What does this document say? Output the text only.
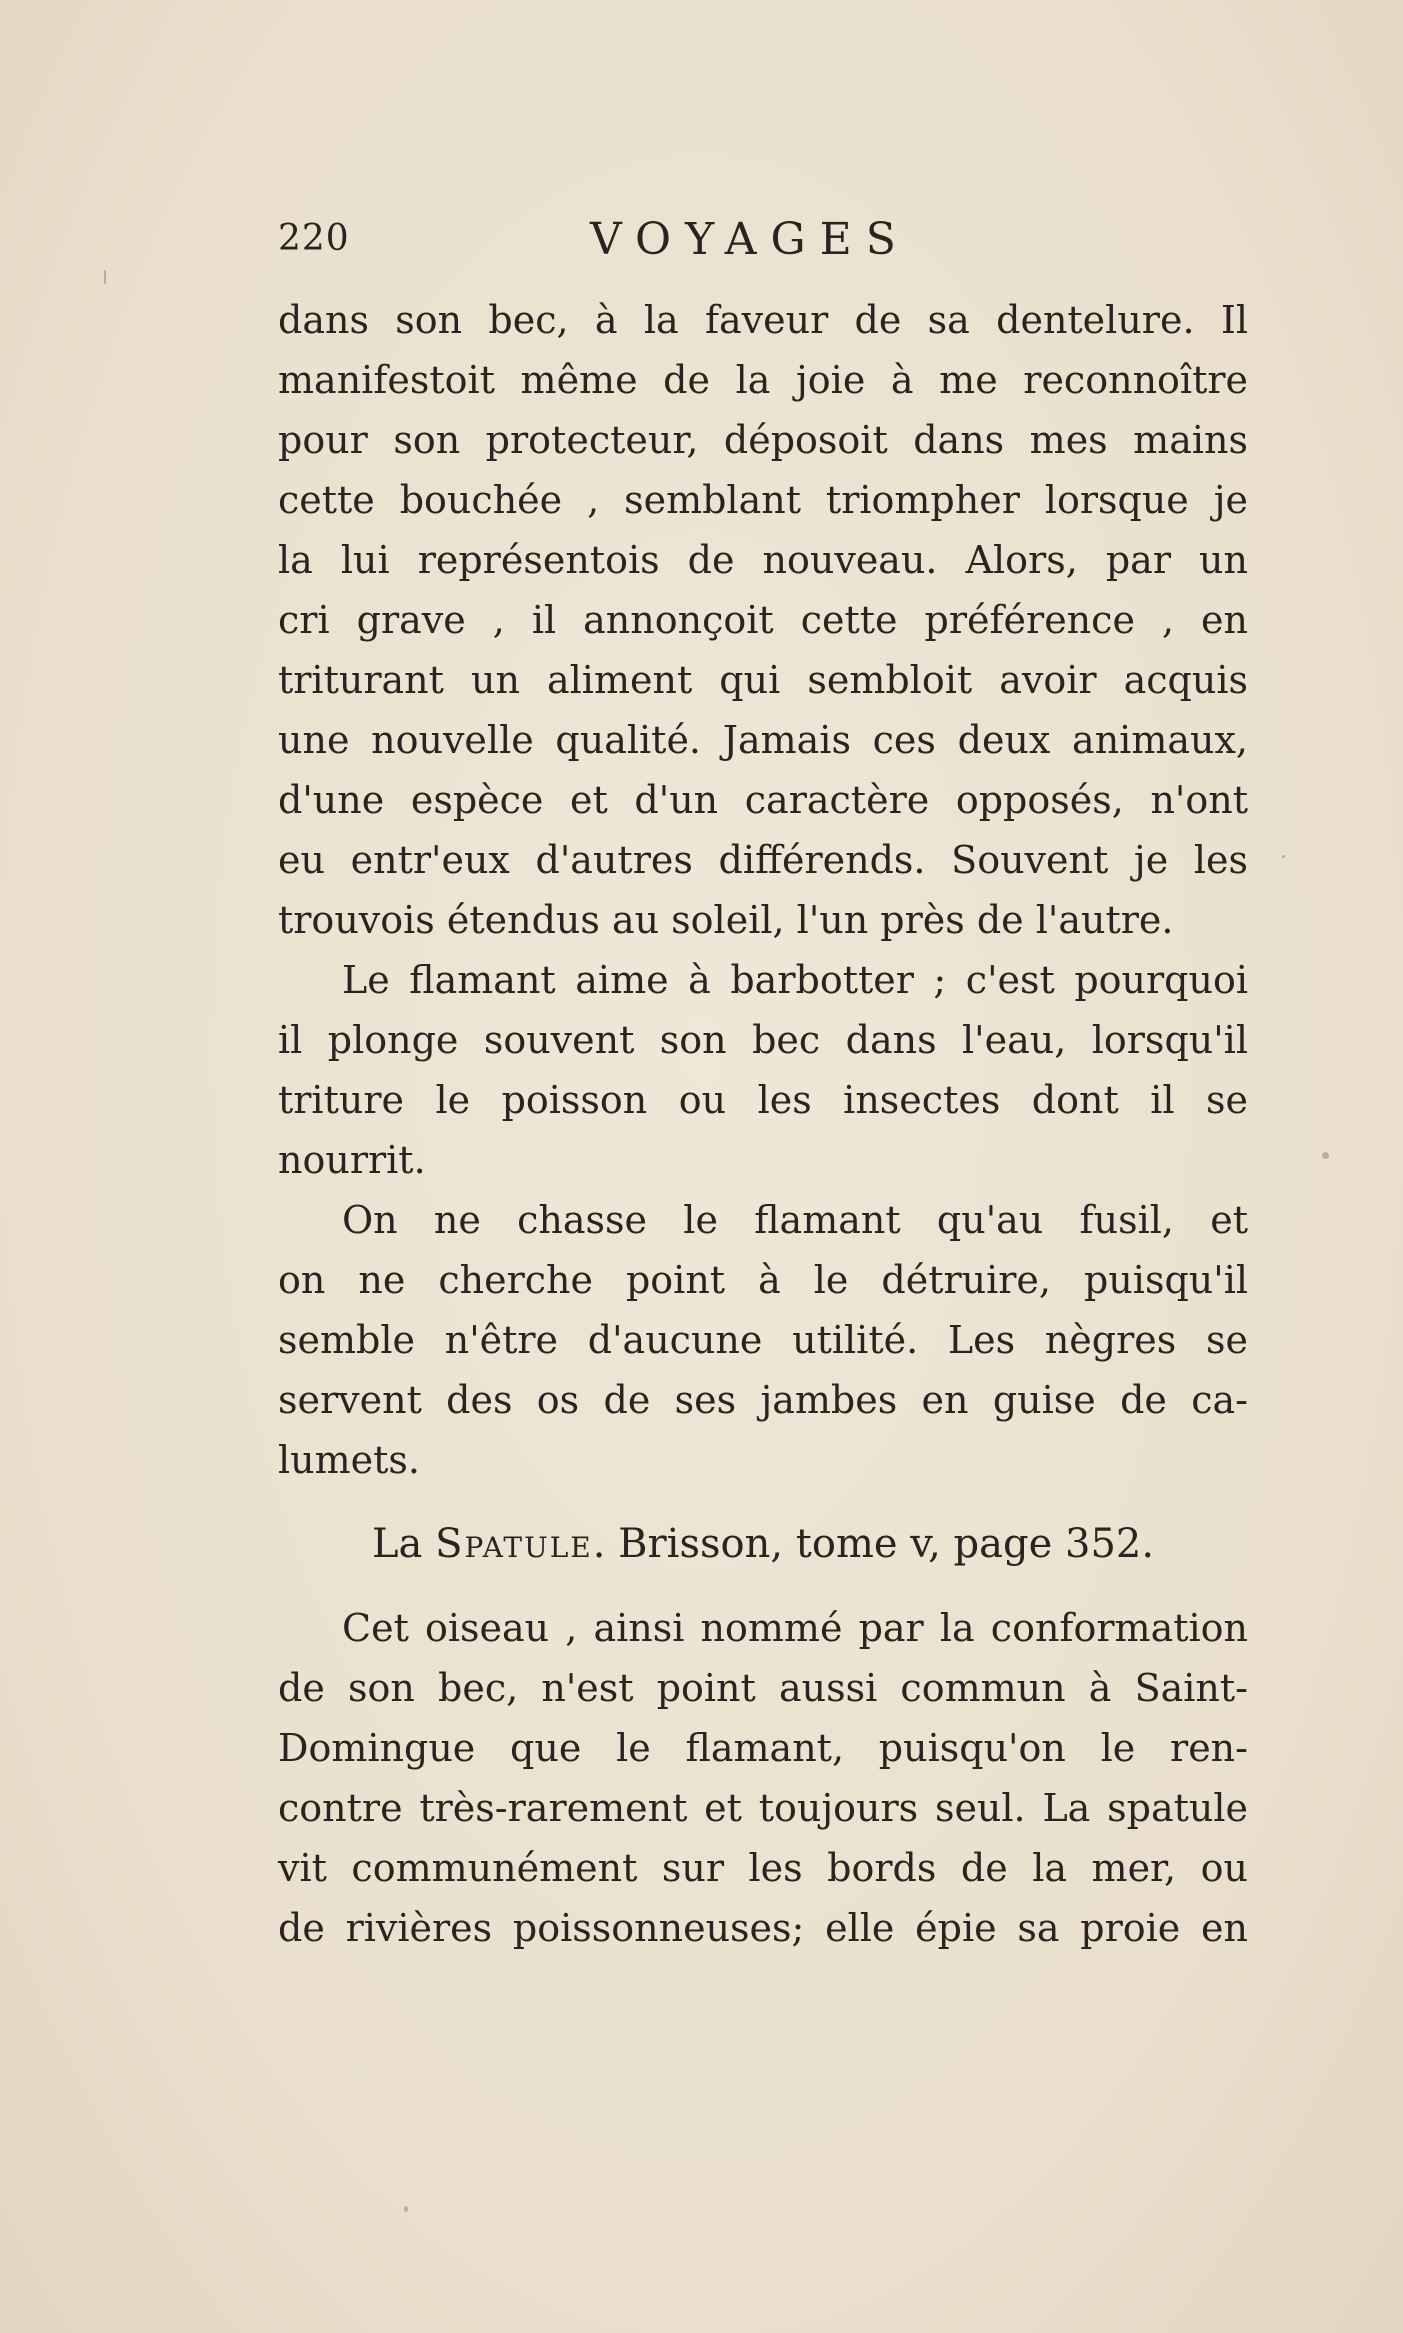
220	VOYAGES
dans son bec, à la faveur de sa dentelure. Il
manifestoit même de la joie à me reconnoître
pour son protecteur, déposoit dans mes mains
cette bouchée , semblant triompher lorsque je
la lui représentois de nouveau. Alors, par un
cri grave , il annonçoit cette préférence , en
triturant un aliment qui sembloit avoir acquis
une nouvelle qualité. Jamais ces deux animaux,
d'une espèce et d'un caractère opposés, n'ont
eu entr'eux d'autres différends. Souvent je les
trouvois étendus au soleil, l'un près de l'autre.
Le flamant aime à barbotter ; c'est pourquoi
il plonge souvent son bec dans l'eau, lorsqu'il
triture le poisson ou les insectes dont il se
nourrit.
On ne chasse le flamant qu'au fusil, et
on ne cherche point à le détruire, puisqu'il
semble n'être d'aucune utilité. Les nègres se
servent des os de ses jambes en guise de ca-
lumets.
La Spatule. Brisson, tome v, page 352.
Cet oiseau , ainsi nommé par la conformation
de son bec, n'est point aussi commun à Saint-
Domingue que le flamant, puisqu'on le ren-
contre très-rarement et toujours seul. La spatule
vit communément sur les bords de la mer, ou
de rivières poissonneuses; elle épie sa proie en
